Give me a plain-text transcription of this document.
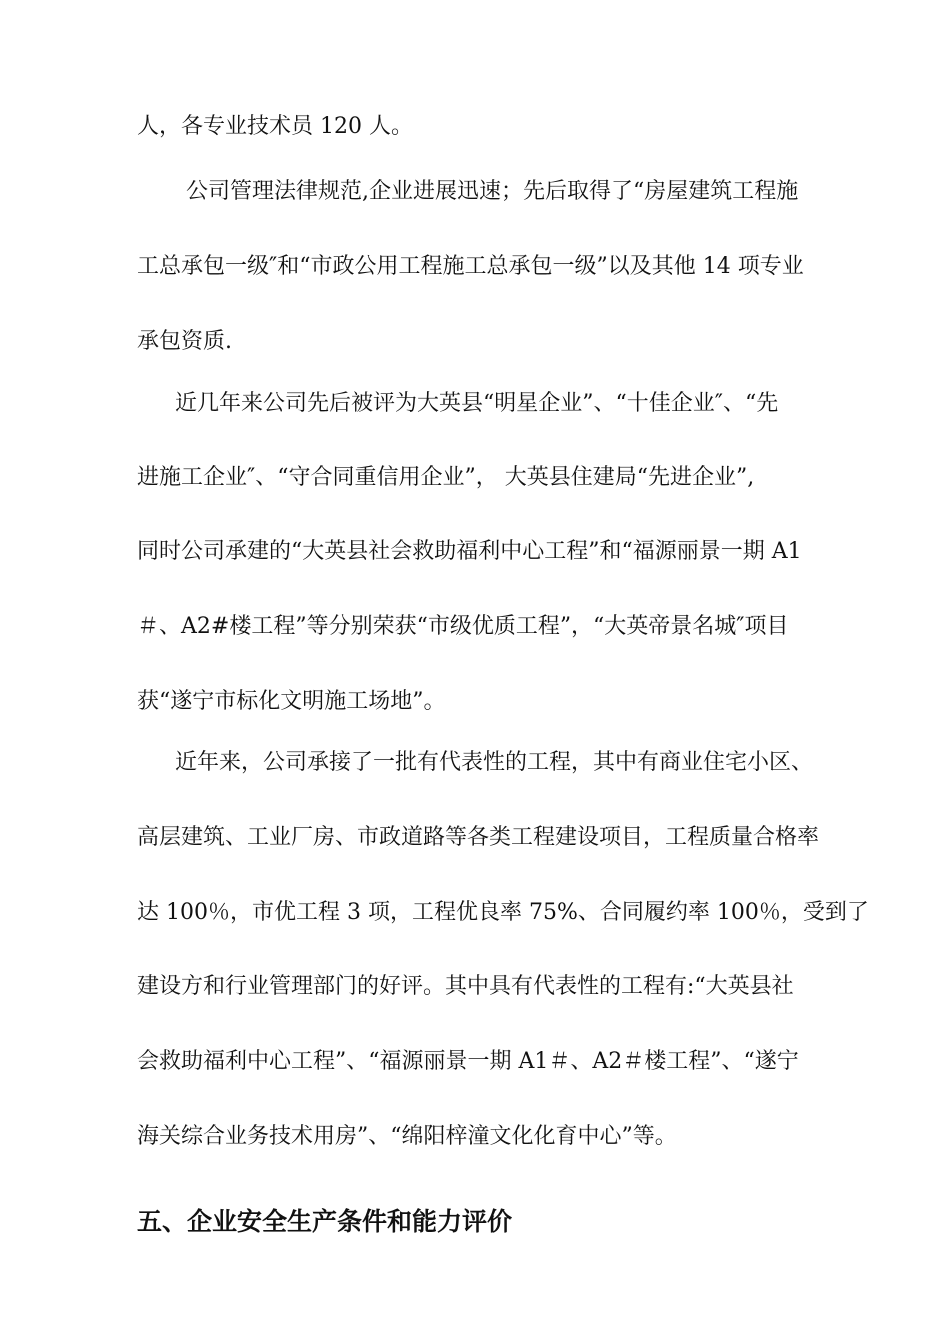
人，各专业技术员 120 人。

公司管理法律规范,企业进展迅速；先后取得了“房屋建筑工程施

工总承包一级″和“市政公用工程施工总承包一级”以及其他 14 项专业

承包资质.

近几年来公司先后被评为大英县“明星企业”、“十佳企业″、“先

进施工企业″、“守合同重信用企业”， 大英县住建局“先进企业”,

同时公司承建的“大英县社会救助福利中心工程”和“福源丽景一期 A1

＃、A2#楼工程”等分别荣获“市级优质工程”，“大英帝景名城″项目

获“遂宁市标化文明施工场地”。

近年来，公司承接了一批有代表性的工程，其中有商业住宅小区、

高层建筑、工业厂房、市政道路等各类工程建设项目，工程质量合格率

达 100％，市优工程 3 项，工程优良率 75%、合同履约率 100％，受到了

建设方和行业管理部门的好评。其中具有代表性的工程有:“大英县社

会救助福利中心工程”、“福源丽景一期 A1＃、A2＃楼工程”、“遂宁

海关综合业务技术用房”、“绵阳梓潼文化化育中心”等。

五、企业安全生产条件和能力评价
